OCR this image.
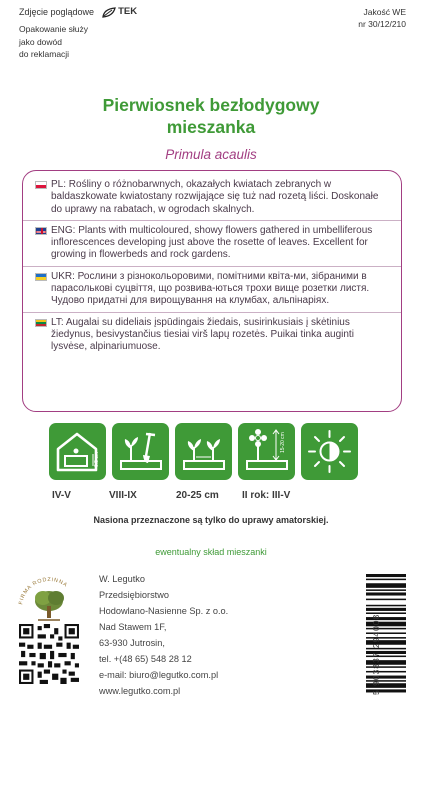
Zdjęcie poglądowe	TEK
Opakowanie służy
jako dowód
do reklamacji
Jakość WE
nr 30/12/210
Pierwiosnek bezłodygowy
mieszanka
Primula acaulis
PL: Rośliny o różnobarwnych, okazałych kwiatach zebranych w baldaszkowate kwiatostany rozwijające się tuż nad rozetą liści. Doskonałe do uprawy na rabatach, w ogrodach skalnych.
ENG: Plants with multicoloured, showy flowers gathered in umbelliferous inflorescences developing just above the rosette of leaves. Excellent for growing in flowerbeds and rock gardens.
UKR: Рослини з різнокольоровими, помітними квіта-ми, зібраними в парасолькові суцвіття, що розвива-ються трохи вище розетки листя. Чудово придатні для вирощування на клумбах, альпінаріях.
LT: Augalai su dideliais įspūdingais žiedais, susirinkusiais į skėtinius žiedynus, besivystančius tiesiai virš lapų rozetės. Puikai tinka auginti lysvėse, alpinariumuose.
0.5 cm
15-20 cm
IV-V	VIII-IX	20-25 cm II rok: III-V
Nasiona przeznaczone są tylko do uprawy amatorskiej.
ewentualny skład mieszanki
FIRMA RODZINNA
W. Legutko
Przedsiębiorstwo
Hodowlano-Nasienne Sp. z o.o.
Nad Stawem 1F,
63-930 Jutrosin,
tel. +(48 65) 548 28 12
e-mail: biuro@legutko.com.pl
www.legutko.com.pl	5 903837 294008
